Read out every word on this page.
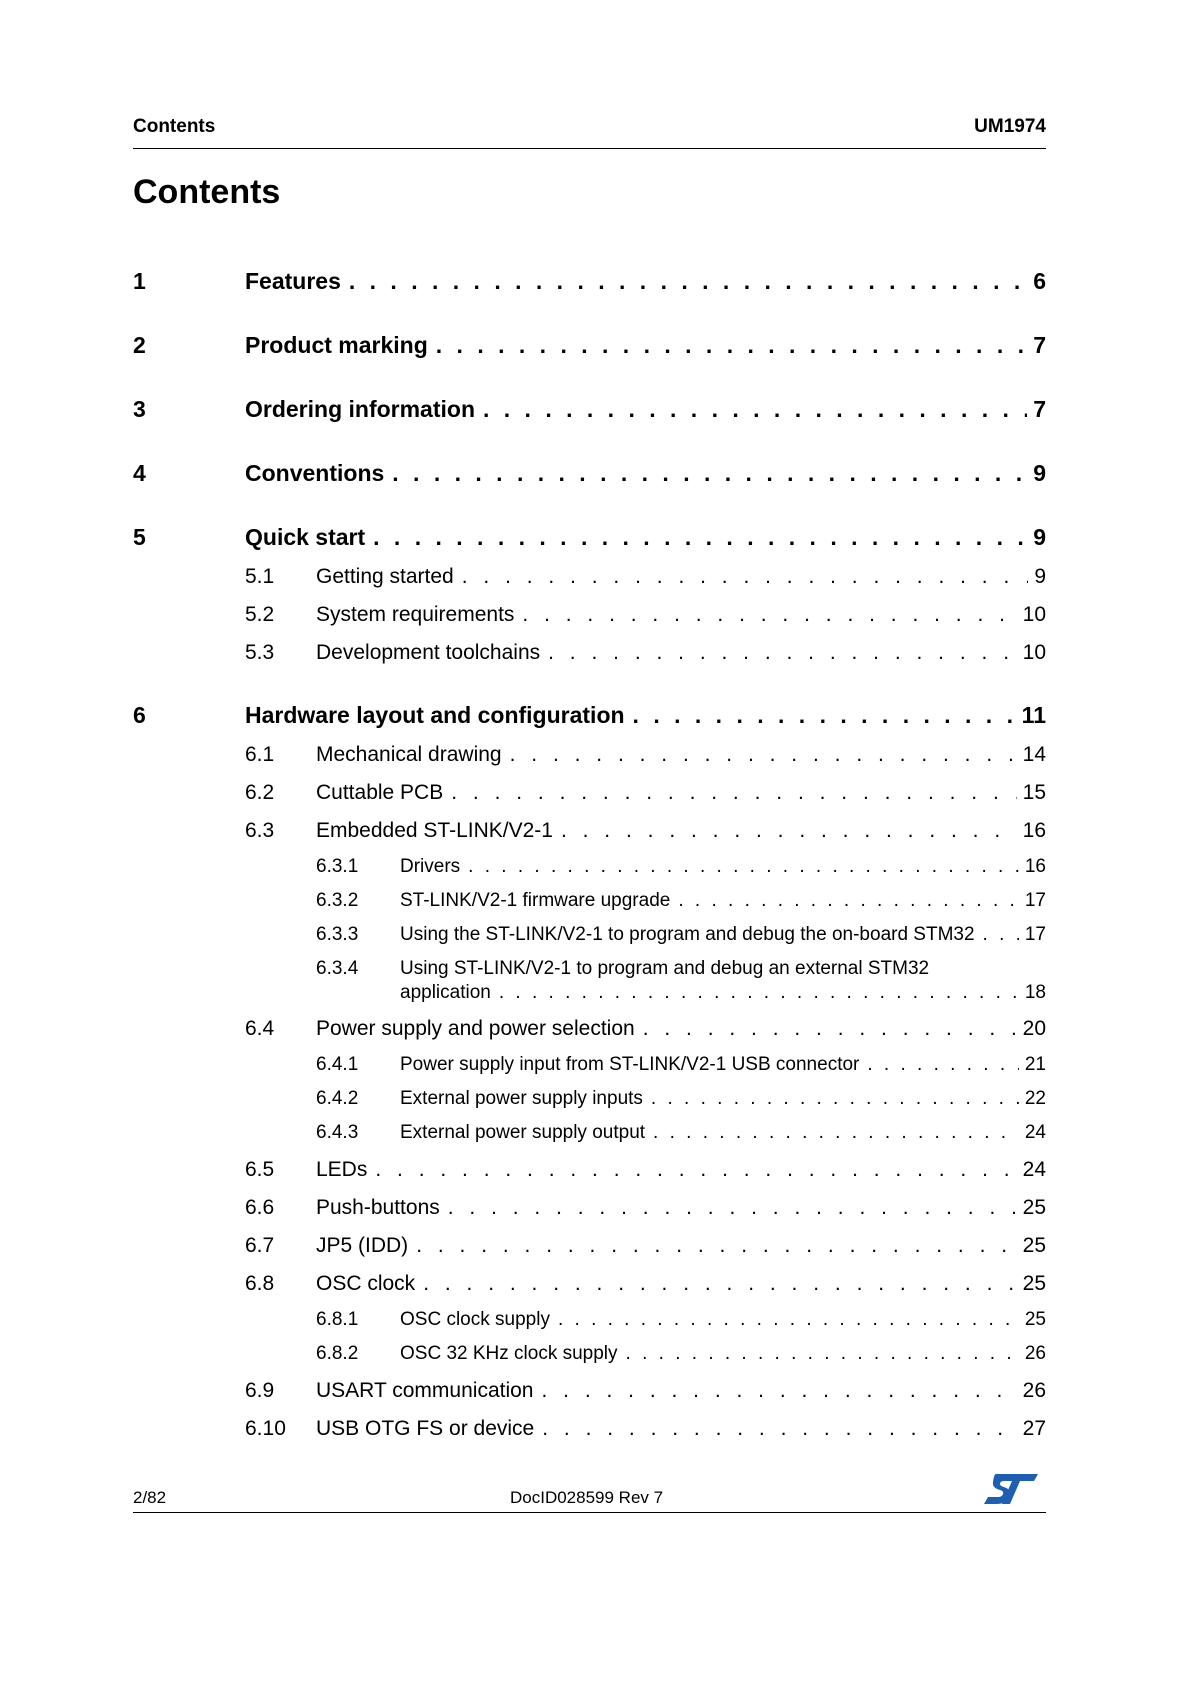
Contents	UM1974
Contents
1	Features . . .	6
2	Product marking . . .	7
3	Ordering information . . .	7
4	Conventions . . .	9
5	Quick start . . .	9
5.1 Getting started . . .	9
5.2 System requirements . . .	10
5.3 Development toolchains . . .	10
6	Hardware layout and configuration . . .	11
6.1 Mechanical drawing . . .	14
6.2 Cuttable PCB . . .	15
6.3 Embedded ST-LINK/V2-1 . . .	16
6.3.1 Drivers . . .	16
6.3.2 ST-LINK/V2-1 firmware upgrade . . .	17
6.3.3 Using the ST-LINK/V2-1 to program and debug the on-board STM32 . . .	17
6.3.4 Using ST-LINK/V2-1 to program and debug an external STM32
application . . .	18
6.4 Power supply and power selection . . .	20
6.4.1 Power supply input from ST-LINK/V2-1 USB connector . . .	21
6.4.2 External power supply inputs . . .	22
6.4.3 External power supply output . . .	24
6.5 LEDs . . .	24
6.6 Push-buttons . . .	25
6.7 JP5 (IDD) . . .	25
6.8 OSC clock . . .	25
6.8.1 OSC clock supply . . .	25
6.8.2 OSC 32 KHz clock supply . . .	26
6.9 USART communication . . .	26
6.10 USB OTG FS or device . . .	27
2/82	DocID028599 Rev 7
